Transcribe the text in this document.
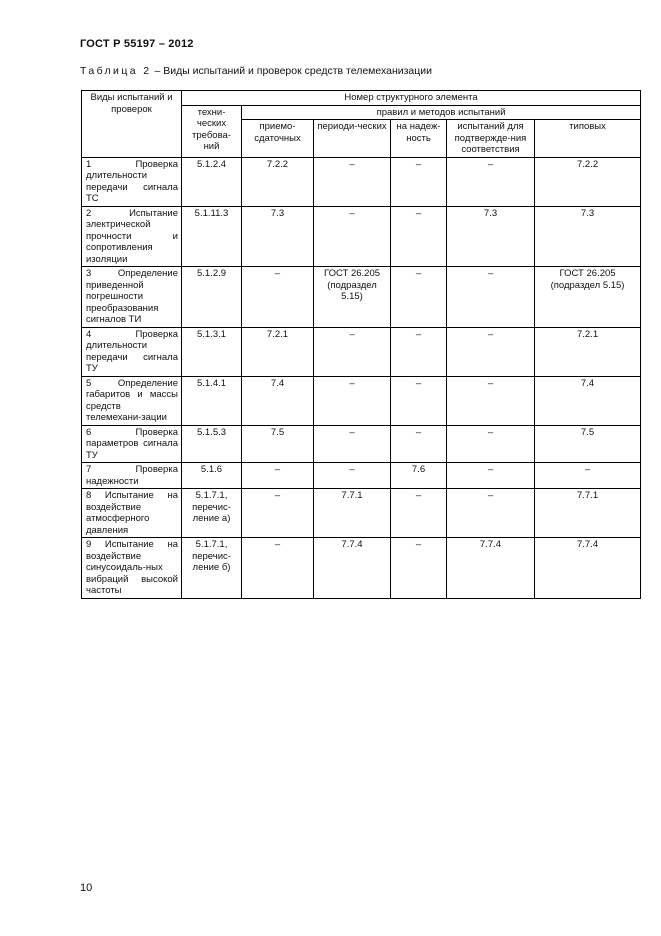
ГОСТ Р 55197 – 2012
Таблица 2 – Виды испытаний и проверок средств телемеханизации
Виды испытаний и проверок	Номер структурного элемента					
	техни-ческих требова-ний	правил и методов испытаний				
		приемо-сдаточных	периоди-ческих	на надеж-ность	испытаний для подтвержде-ния соответствия	типовых
1 Проверка длительности передачи сигнала ТС	5.1.2.4	7.2.2	–	–	–	7.2.2
2 Испытание электрической прочности и сопротивления изоляции	5.1.11.3	7.3	–	–	7.3	7.3
3 Определение приведенной погрешности преобразования сигналов ТИ	5.1.2.9	–	ГОСТ 26.205 (подраздел 5.15)	–	–	ГОСТ 26.205 (подраздел 5.15)
4 Проверка длительности передачи сигнала ТУ	5.1.3.1	7.2.1	–	–	–	7.2.1
5 Определение габаритов и массы средств телемехани-зации	5.1.4.1	7.4	–	–	–	7.4
6 Проверка параметров сигнала ТУ	5.1.5.3	7.5	–	–	–	7.5
7 Проверка надежности	5.1.6	–	–	7.6	–	–
8 Испытание на воздействие атмосферного давления	5.1.7.1, перечис-ление а)	–	7.7.1	–	–	7.7.1
9 Испытание на воздействие синусоидаль-ных вибраций высокой частоты	5.1.7.1, перечис-ление б)	–	7.7.4	–	7.7.4	7.7.4
10
